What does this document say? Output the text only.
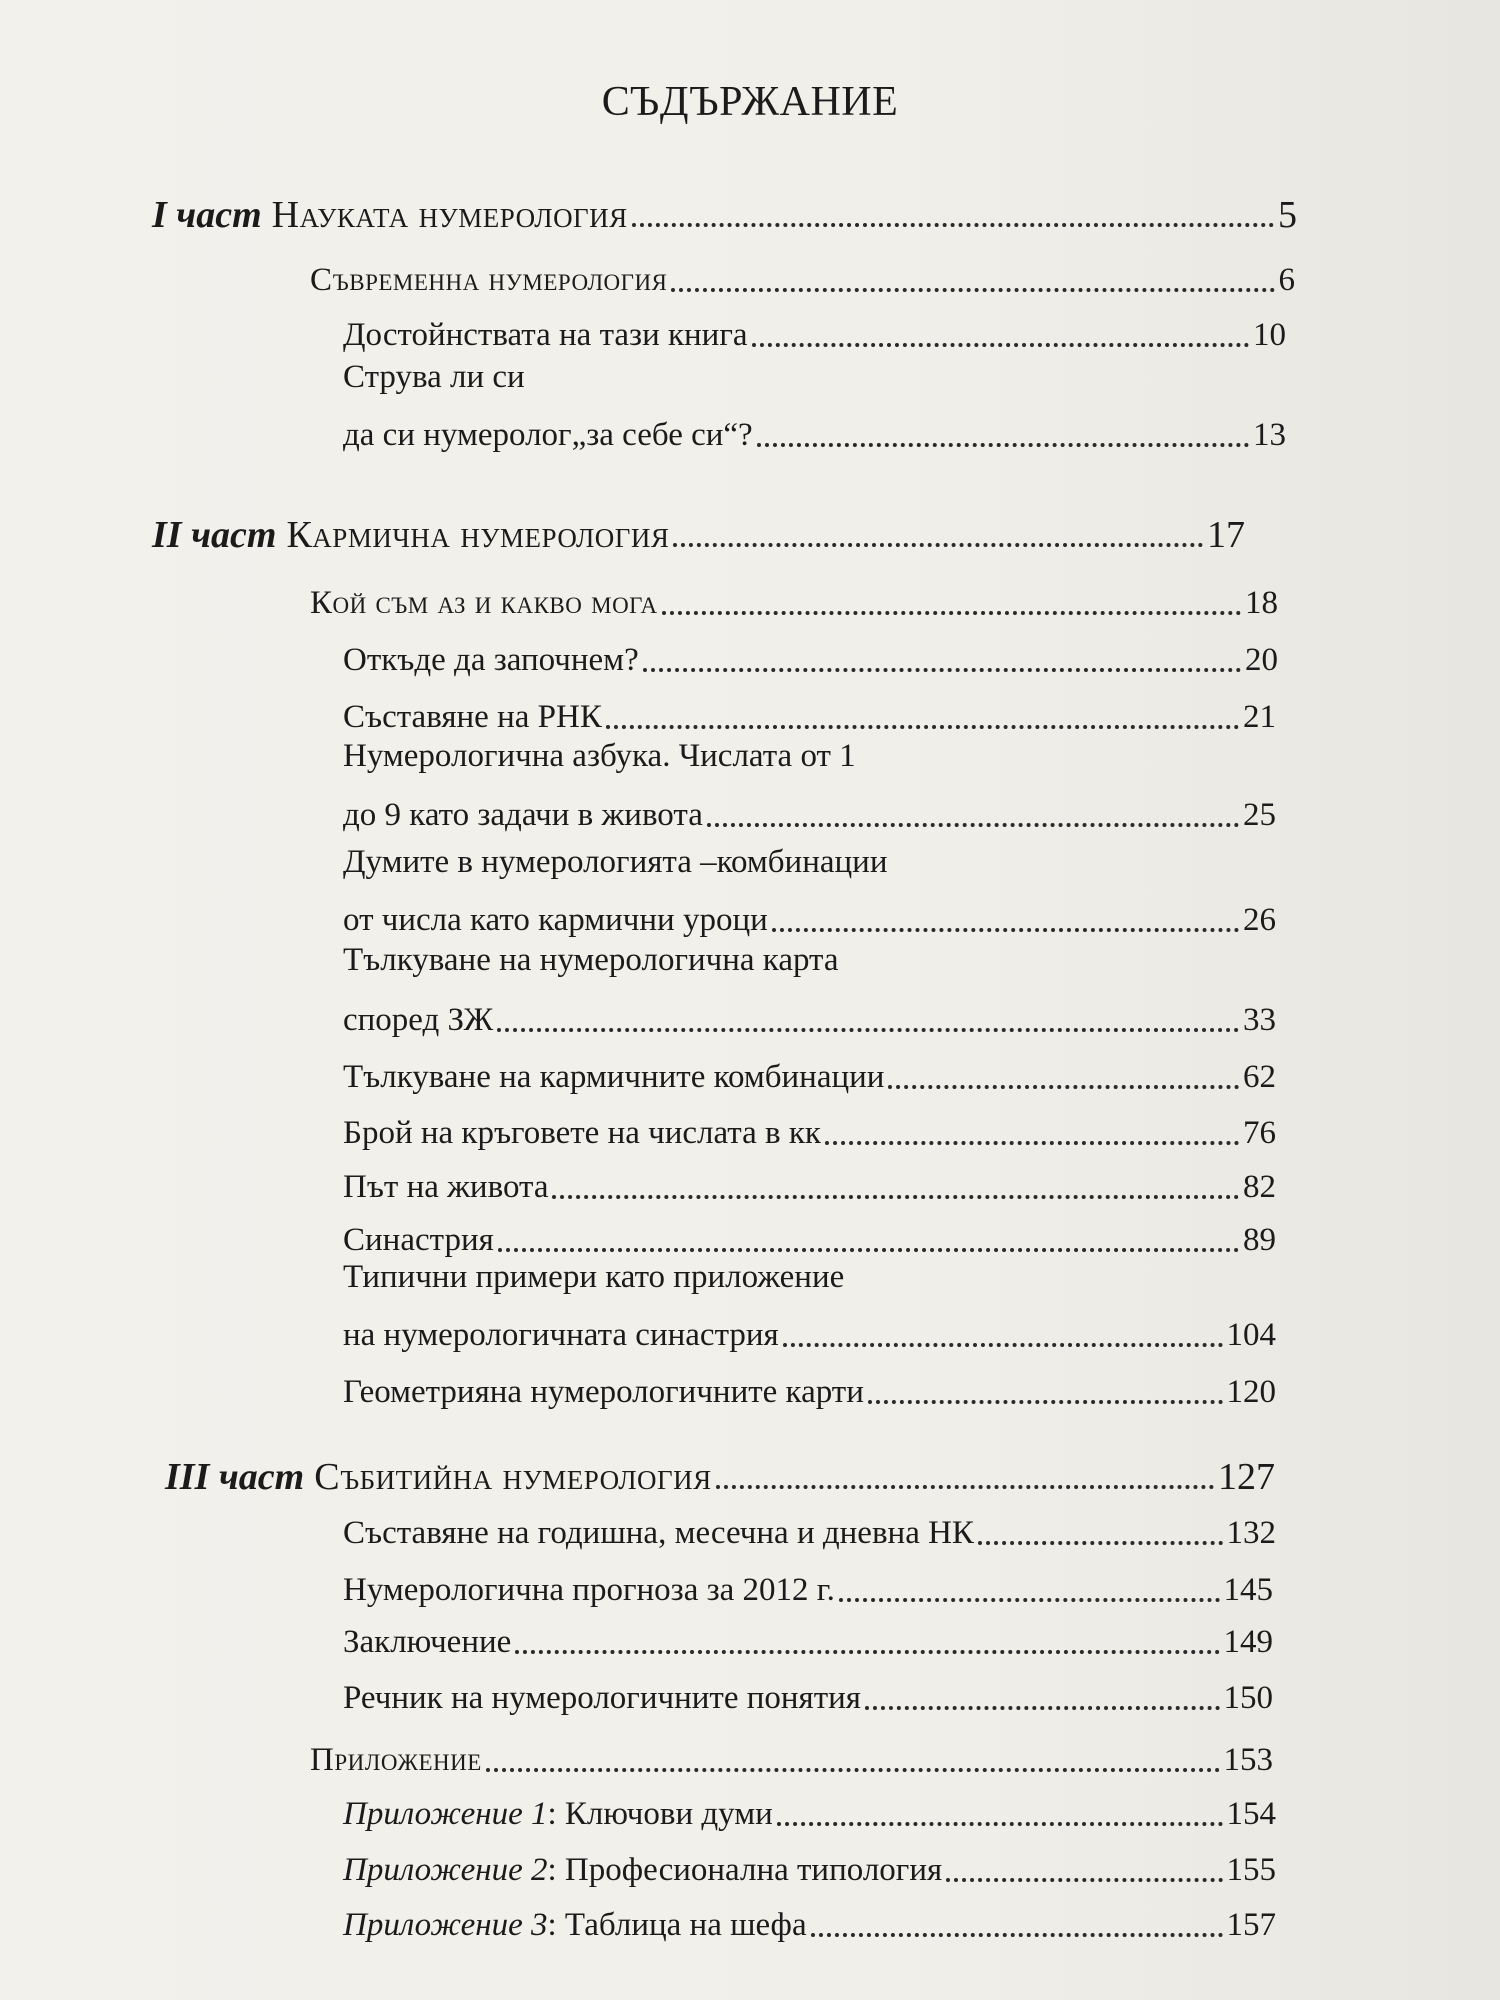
СЪДЪРЖАНИЕ
I част Науката нумерология	5
Съвременна нумерология	6
Достойнствата на тази книга	10
Струва ли си
да си нумеролог„за себе си“?	13
II част Кармична нумерология	17
Кой съм аз и какво мога	18
Откъде да започнем?	20
Съставяне на РНК	21
Нумерологична азбука. Числата от 1
до 9 като задачи в живота	25
Думите в нумерологията –комбинации
от числа като кармични уроци	26
Тълкуване на нумерологична карта
според ЗЖ	33
Тълкуване на кармичните комбинации	62
Брой на кръговете на числата в кк	76
Път на живота	82
Синастрия	89
Типични примери като приложение
на нумерологичната синастрия	104
Геометрияна нумерологичните карти	120
III част Събитийна нумерология	127
Съставяне на годишна, месечна и дневна НК	132
Нумерологична прогноза за 2012 г.	145
Заключение	149
Речник на нумерологичните понятия	150
Приложение	153
Приложение 1: Ключови думи	154
Приложение 2: Професионална типология	155
Приложение 3: Таблица на шефа	157
